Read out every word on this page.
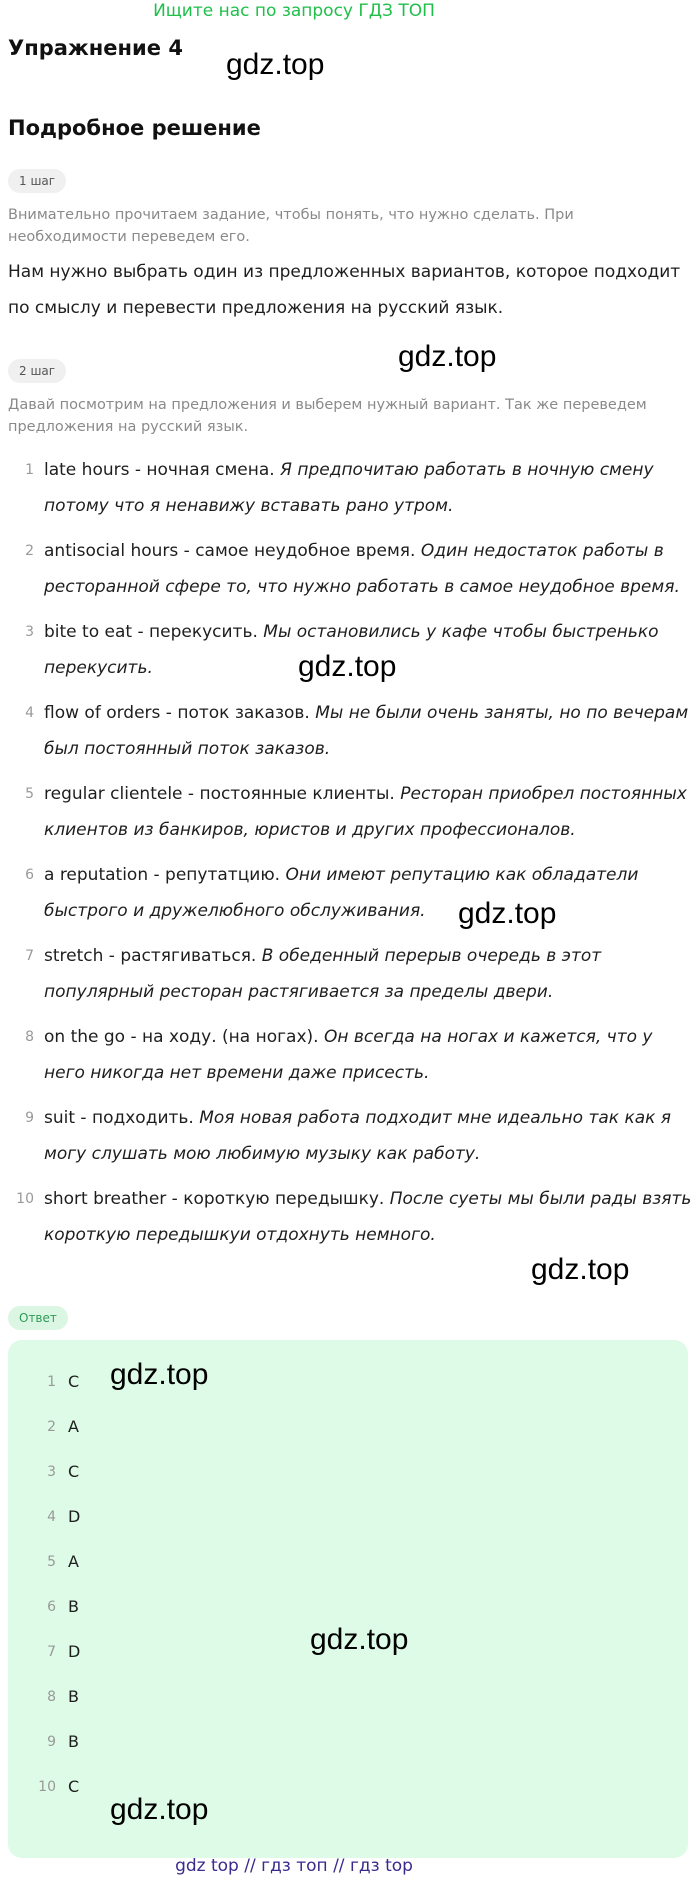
Ищите нас по запросу ГДЗ ТОП
Упражнение 4
Подробное решение
1 шаг
Внимательно прочитаем задание, чтобы понять, что нужно сделать. При необходимости переведем его.
Нам нужно выбрать один из предложенных вариантов, которое подходит по смыслу и перевести предложения на русский язык.
2 шаг
Давай посмотрим на предложения и выберем нужный вариант. Так же переведем предложения на русский язык.
1 late hours - ночная смена. Я предпочитаю работать в ночную смену потому что я ненавижу вставать рано утром.
2 antisocial hours - самое неудобное время. Один недостаток работы в ресторанной сфере то, что нужно работать в самое неудобное время.
3 bite to eat - перекусить. Мы остановились у кафе чтобы быстренько перекусить.
4 flow of orders - поток заказов. Мы не были очень заняты, но по вечерам был постоянный поток заказов.
5 regular clientele - постоянные клиенты. Ресторан приобрел постоянных клиентов из банкиров, юристов и других профессионалов.
6 a reputation - репутатцию. Они имеют репутацию как обладатели быстрого и дружелюбного обслуживания.
7 stretch - растягиваться. В обеденный перерыв очередь в этот популярный ресторан растягивается за пределы двери.
8 on the go - на ходу. (на ногах). Он всегда на ногах и кажется, что у него никогда нет времени даже присесть.
9 suit - подходить. Моя новая работа подходит мне идеально так как я могу слушать мою любимую музыку как работу.
10 short breather - короткую передышку. После суеты мы были рады взять короткую передышкуи отдохнуть немного.
Ответ
1 C
2 A
3 C
4 D
5 A
6 B
7 D
8 B
9 B
10 C
gdz.top
gdz.top
gdz.top
gdz.top
gdz.top
gdz.top
gdz.top
gdz.top
gdz top // гдз топ // гдз top
